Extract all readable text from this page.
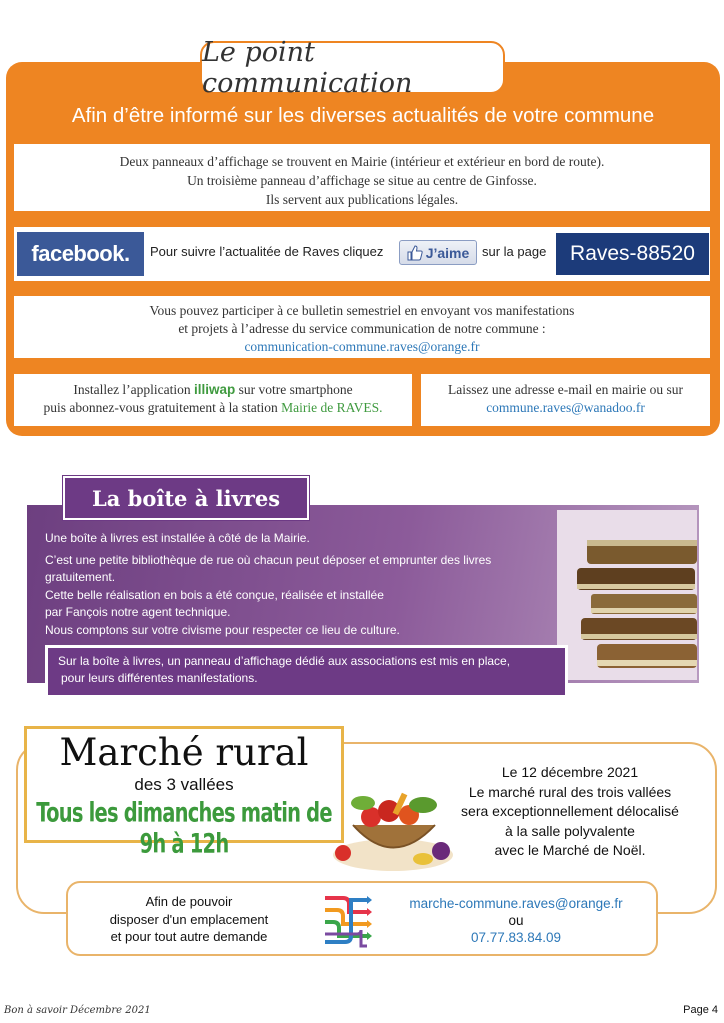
Le point communication
Afin d’être informé sur les diverses actualités de votre commune
Deux panneaux d’affichage se trouvent en Mairie (intérieur et extérieur en bord de route).
Un troisième panneau d’affichage se situe au centre de Ginfosse.
Ils servent aux publications légales.
facebook.	Pour suivre l’actualitée de Raves cliquez	J’aime sur la page	Raves-88520
Vous pouvez participer à ce bulletin semestriel en envoyant vos manifestations
et projets à l’adresse du service communication de notre commune :
communication-commune.raves@orange.fr
Installez l’application illiwap sur votre smartphone
puis abonnez-vous gratuitement à la station Mairie de RAVES.
Laissez une adresse e-mail en mairie ou sur
commune.raves@wanadoo.fr
La boîte à livres

Une boîte à livres est installée à côté de la Mairie.

C’est une petite bibliothèque de rue où chacun peut déposer et emprunter des livres gratuitement.

Cette belle réalisation en bois a été conçue, réalisée et installée
par Fançois notre agent technique.
Nous comptons sur votre civisme pour respecter ce lieu de culture.
Sur la boîte à livres, un panneau d’affichage dédié aux associations est mis en place,
pour leurs différentes manifestations.
Marché rural
des 3 vallées
Tous les dimanches matin de 9h à 12h
Le 12 décembre 2021
Le marché rural des trois vallées
sera exceptionnellement délocalisé
à la salle polyvalente
avec le Marché de Noël.
Afin de pouvoir
disposer d'un emplacement
et pour tout autre demande
marche-commune.raves@orange.fr
ou
07.77.83.84.09
Bon à savoir Décembre 2021	Page 4
